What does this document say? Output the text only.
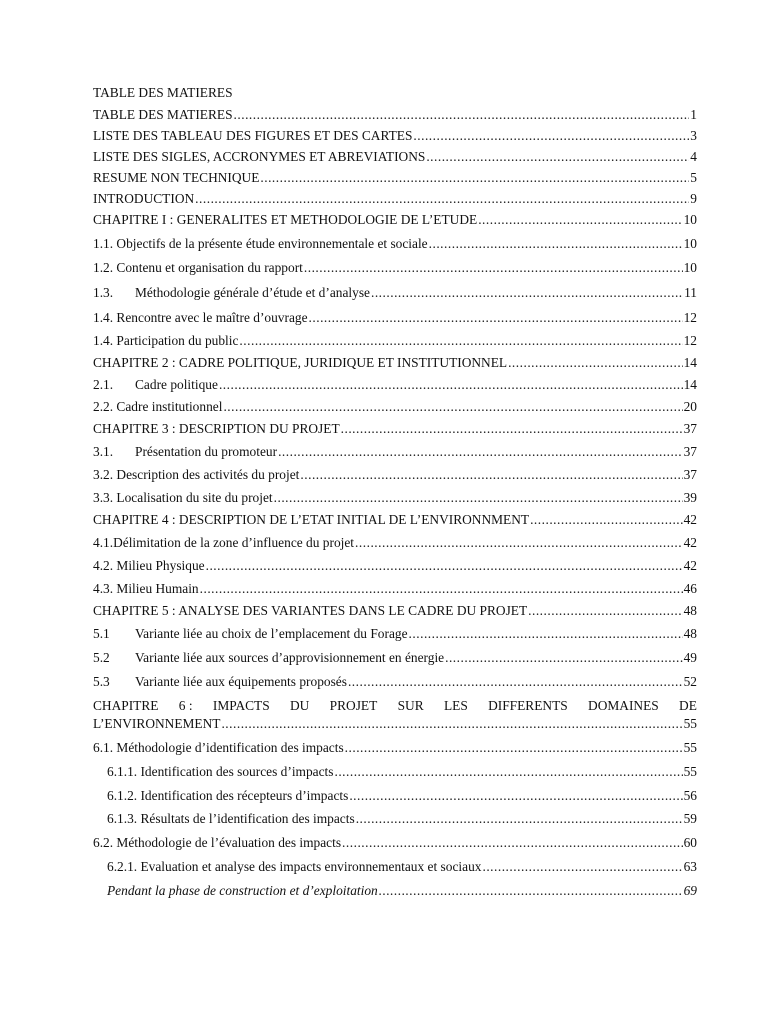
TABLE DES MATIERES
TABLE DES MATIERES .....	1
LISTE DES TABLEAU DES FIGURES ET DES CARTES .....	3
LISTE DES SIGLES, ACCRONYMES ET ABREVIATIONS .....	4
RESUME NON TECHNIQUE .....	5
INTRODUCTION .....	9
CHAPITRE I : GENERALITES ET METHODOLOGIE DE L’ETUDE .....	10
1.1. Objectifs de la présente étude environnementale et sociale .....	10
1.2. Contenu et organisation du rapport .....	10
1.3.	Méthodologie générale d’étude et d’analyse .....	11
1.4. Rencontre avec le maître d’ouvrage .....	12
1.4. Participation du public .....	12
CHAPITRE 2 : CADRE POLITIQUE, JURIDIQUE ET INSTITUTIONNEL .....	14
2.1.	Cadre politique .....	14
2.2. Cadre institutionnel .....	20
CHAPITRE 3 : DESCRIPTION DU PROJET .....	37
3.1.	Présentation du promoteur .....	37
3.2. Description des activités du projet .....	37
3.3. Localisation du site du projet .....	39
CHAPITRE 4 : DESCRIPTION DE L’ETAT INITIAL DE L’ENVIRONNMENT .....	42
4.1.Délimitation de la zone d’influence du projet .....	42
4.2. Milieu Physique .....	42
4.3. Milieu Humain .....	46
CHAPITRE 5 : ANALYSE DES VARIANTES DANS LE CADRE DU PROJET .....	48
5.1	Variante liée au choix de l’emplacement du Forage .....	48
5.2	Variante liée aux sources d’approvisionnement en énergie .....	49
5.3	Variante liée aux équipements proposés .....	52
CHAPITRE 6 : IMPACTS DU PROJET SUR LES DIFFERENTS DOMAINES DE
L’ENVIRONNEMENT .....	55
6.1. Méthodologie d’identification des impacts .....	55
6.1.1. Identification des sources d’impacts .....	55
6.1.2. Identification des récepteurs d’impacts .....	56
6.1.3. Résultats de l’identification des impacts .....	59
6.2. Méthodologie de l’évaluation des impacts .....	60
6.2.1. Evaluation et analyse des impacts environnementaux et sociaux .....	63
Pendant la phase de construction et d’exploitation .....	69
